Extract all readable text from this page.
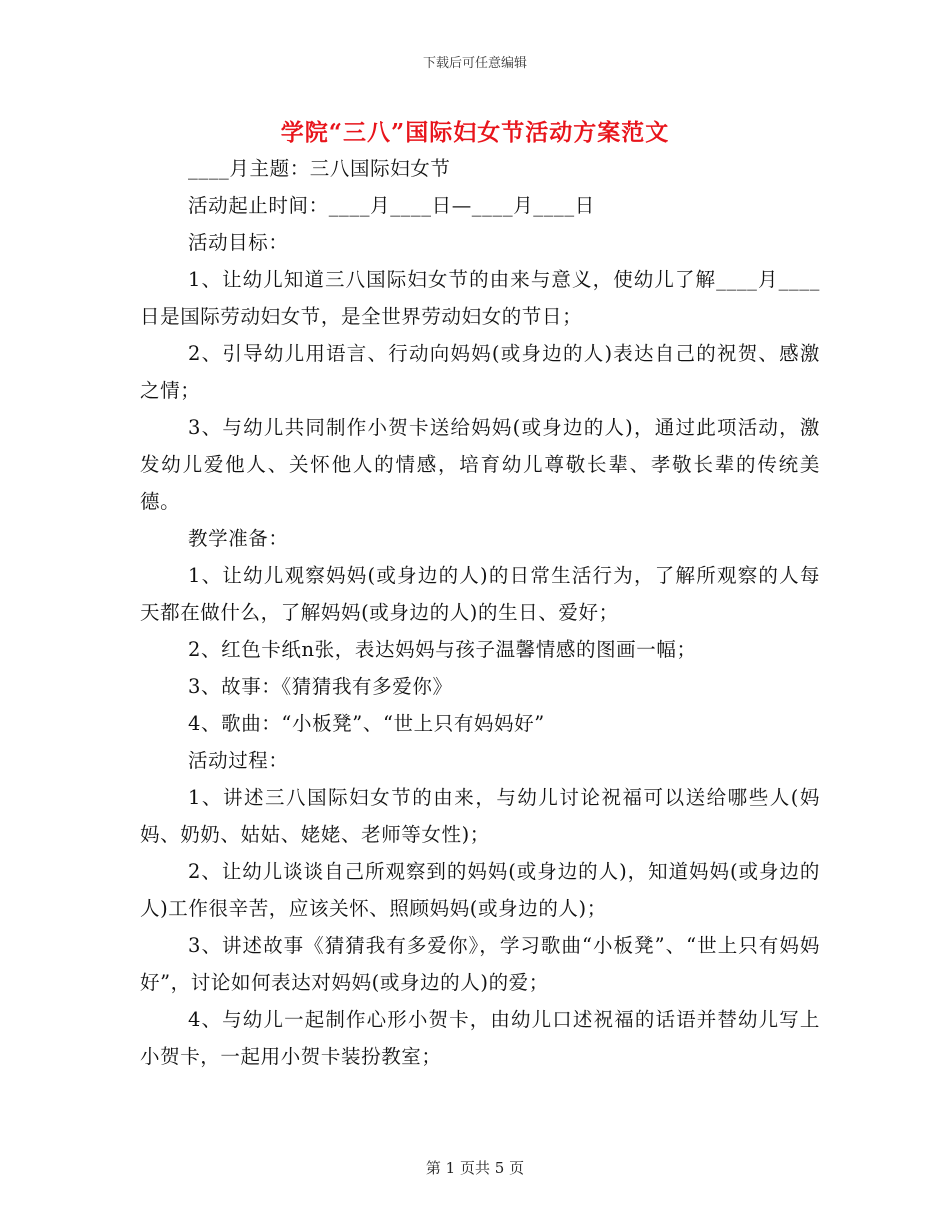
下载后可任意编辑
学院“三八”国际妇女节活动方案范文

____月主题：三八国际妇女节

活动起止时间：____月____日—____月____日

活动目标：

1、让幼儿知道三八国际妇女节的由来与意义，使幼儿了解____月____日是国际劳动妇女节，是全世界劳动妇女的节日；

2、引导幼儿用语言、行动向妈妈(或身边的人)表达自己的祝贺、感激之情；

3、与幼儿共同制作小贺卡送给妈妈(或身边的人)，通过此项活动，激发幼儿爱他人、关怀他人的情感，培育幼儿尊敬长辈、孝敬长辈的传统美德。

教学准备：

1、让幼儿观察妈妈(或身边的人)的日常生活行为，了解所观察的人每天都在做什么，了解妈妈(或身边的人)的生日、爱好；

2、红色卡纸n张，表达妈妈与孩子温馨情感的图画一幅；

3、故事：《猜猜我有多爱你》

4、歌曲：“小板凳”、“世上只有妈妈好”

活动过程：

1、讲述三八国际妇女节的由来，与幼儿讨论祝福可以送给哪些人(妈妈、奶奶、姑姑、姥姥、老师等女性)；

2、让幼儿谈谈自己所观察到的妈妈(或身边的人)，知道妈妈(或身边的人)工作很辛苦，应该关怀、照顾妈妈(或身边的人)；

3、讲述故事《猜猜我有多爱你》，学习歌曲“小板凳”、“世上只有妈妈好”，讨论如何表达对妈妈(或身边的人)的爱；

4、与幼儿一起制作心形小贺卡，由幼儿口述祝福的话语并替幼儿写上小贺卡，一起用小贺卡装扮教室；

第 1 页共 5 页
